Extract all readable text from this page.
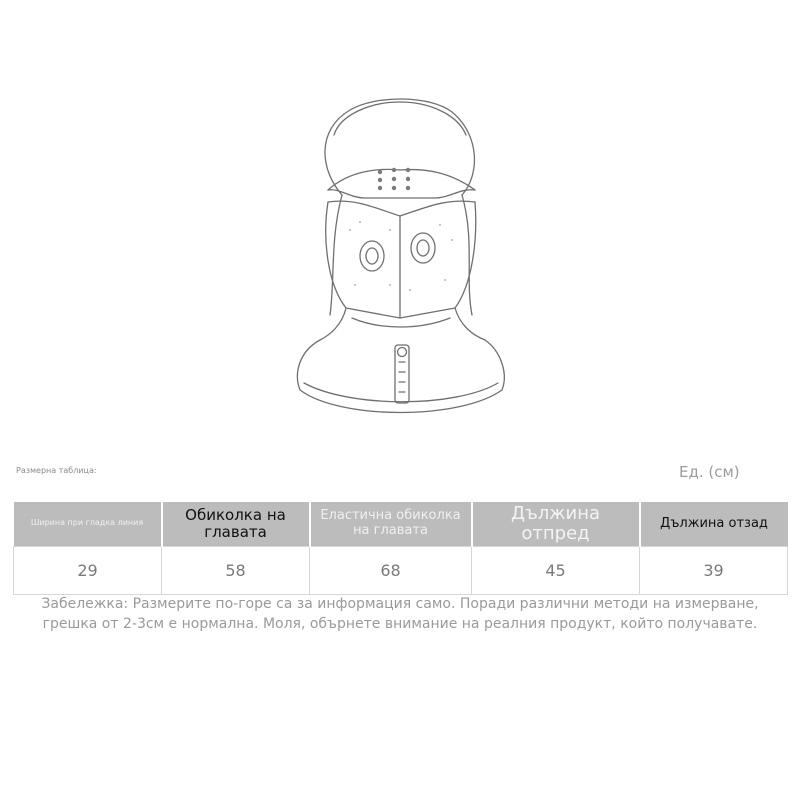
Размерна таблица:	Ед. (см)
Ширина при гладка линия	Обиколка на главата	Еластична обиколка на главата	Дължина отпред	Дължина отзад
29	58	68	45	39
Забележка: Размерите по-горе са за информация само. Поради различни методи на измерване,
грешка от 2-3см е нормална. Моля, обърнете внимание на реалния продукт, който получавате.
